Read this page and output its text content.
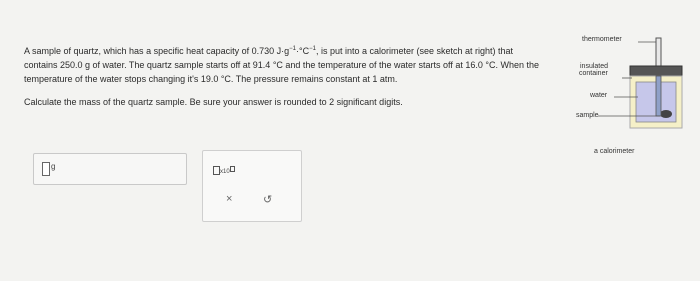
A sample of quartz, which has a specific heat capacity of 0.730 $J\cdot g^{-1}\cdot^\circ C^{-1}$, is put into a calorimeter (see sketch at right) that
contains 250.0 g of water. The quartz sample starts off at 91.4 °C and the temperature of the water starts off at 16.0 °C. When the
temperature of the water stops changing it's 19.0 °C. The pressure remains constant at 1 atm.

Calculate the mass of the quartz sample. Be sure your answer is rounded to 2 significant digits.

g
x10
×	↺
thermometer
insulated
container
water
sample
a calorimeter
